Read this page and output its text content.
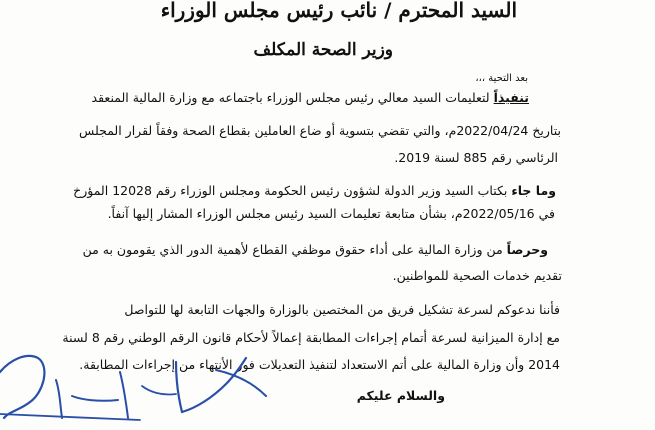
السيد المحترم / نائب رئيس مجلس الوزراء
وزير الصحة المكلف
بعد التحية ،،،
تنفيذاً لتعليمات السيد معالي رئيس مجلس الوزراء باجتماعه مع وزارة المالية المنعقد
بتاريخ 2022/04/24م، والتي تقضي بتسوية أو ضاع العاملين بقطاع الصحة وفقاً لقرار المجلس
الرئاسي رقم 885 لسنة 2019.
وما جاء بكتاب السيد وزير الدولة لشؤون رئيس الحكومة ومجلس الوزراء رقم 12028 المؤرخ
في 2022/05/16م، بشأن متابعة تعليمات السيد رئيس مجلس الوزراء المشار إليها آنفاً.
وحرصاً من وزارة المالية على أداء حقوق موظفي القطاع لأهمية الدور الذي يقومون به من
تقديم خدمات الصحية للمواطنين.
فأننا ندعوكم لسرعة تشكيل فريق من المختصين بالوزارة والجهات التابعة لها للتواصل
مع إدارة الميزانية لسرعة أتمام إجراءات المطابقة إعمالاً لأحكام قانون الرقم الوطني رقم 8 لسنة
2014 وأن وزارة المالية على أتم الاستعداد لتنفيذ التعديلات فور الأنتهاء من إجراءات المطابقة.
والسلام عليكم
